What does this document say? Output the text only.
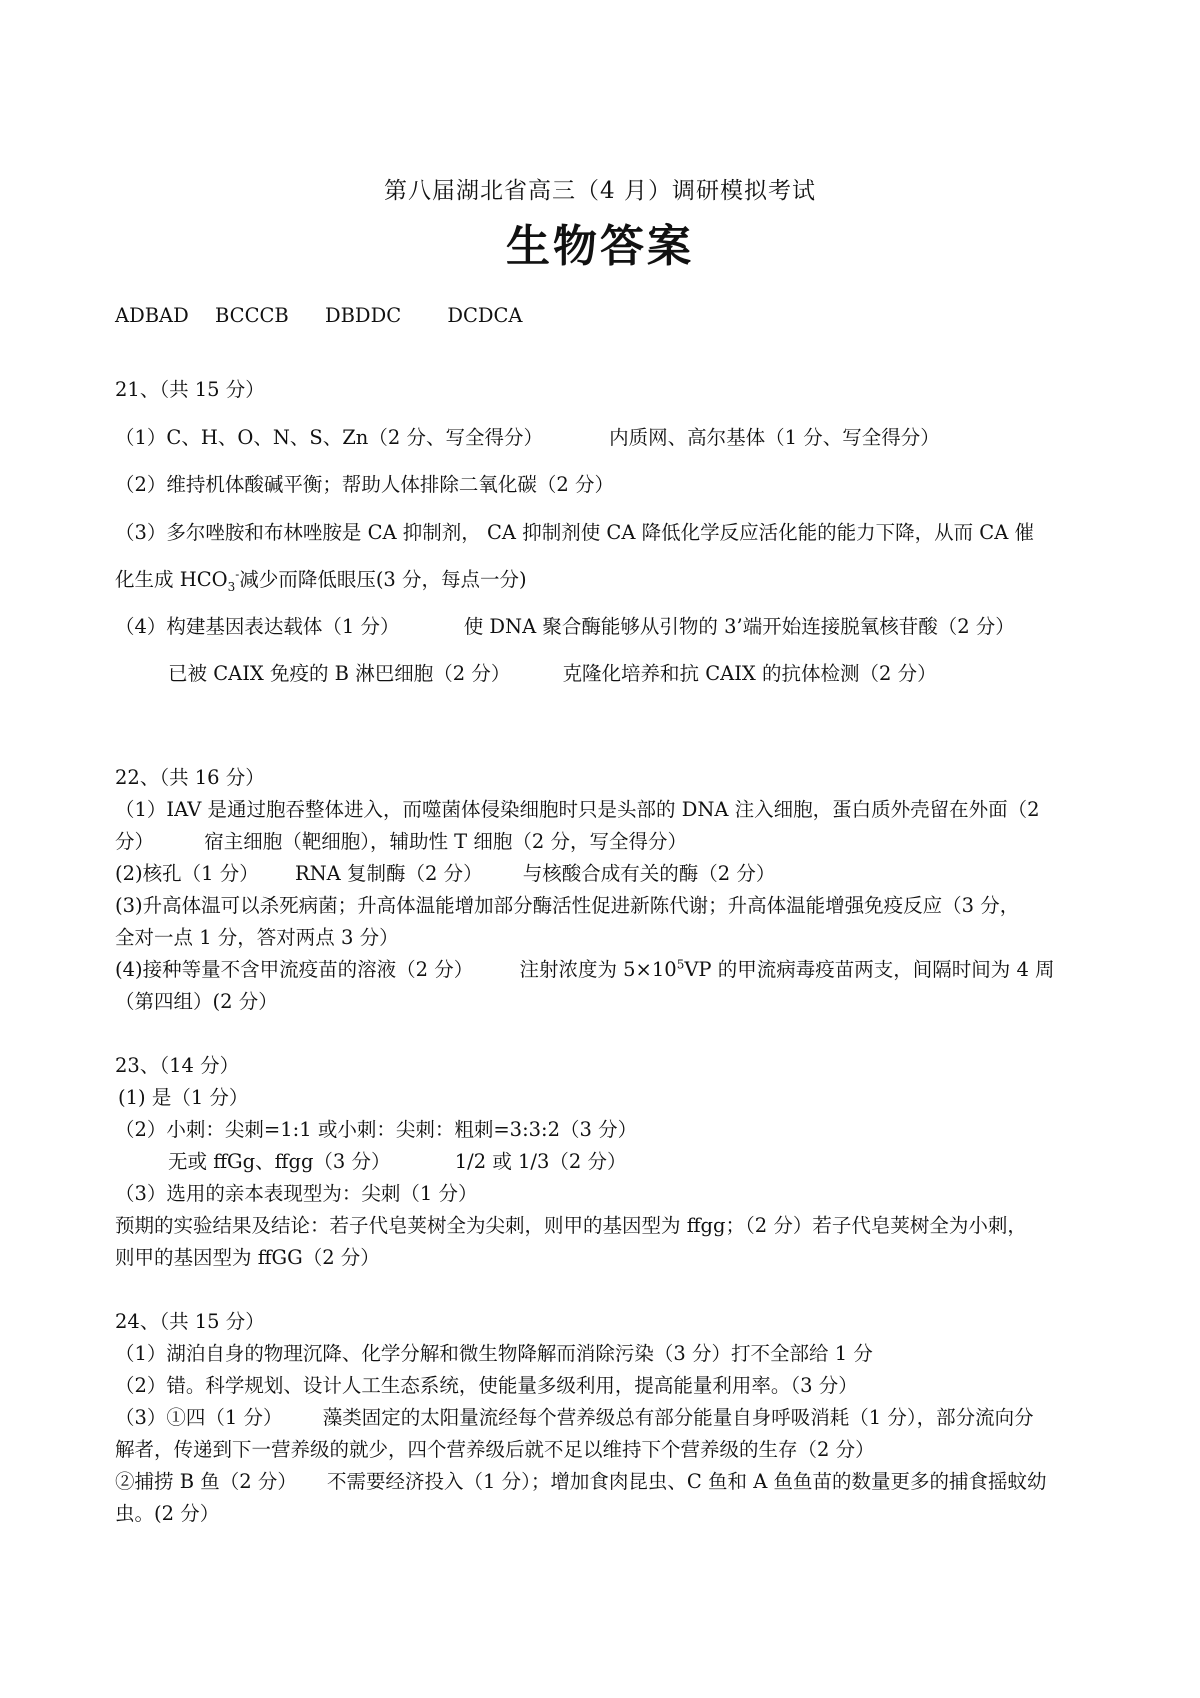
第八届湖北省高三（4 月）调研模拟考试
生物答案
ADBAD BCCCB DBDDC DCDCA
21、（共 15 分）
（1）C、H、O、N、S、Zn（2 分、写全得分）	内质网、高尔基体（1 分、写全得分）
（2）维持机体酸碱平衡；帮助人体排除二氧化碳（2 分）
（3）多尔唑胺和布林唑胺是 CA 抑制剂， CA 抑制剂使 CA 降低化学反应活化能的能力下降，从而 CA 催
化生成 $HCO_3^-$减少而降低眼压(3 分，每点一分)
（4）构建基因表达载体（1 分）	使 DNA 聚合酶能够从引物的 3’端开始连接脱氧核苷酸（2 分）
已被 CAIX 免疫的 B 淋巴细胞（2 分）	克隆化培养和抗 CAIX 的抗体检测（2 分）
22、（共 16 分）
（1）IAV 是通过胞吞整体进入，而噬菌体侵染细胞时只是头部的 DNA 注入细胞，蛋白质外壳留在外面（2
分）	宿主细胞（靶细胞），辅助性 T 细胞（2 分，写全得分）
(2)核孔（1 分） RNA 复制酶（2 分） 与核酸合成有关的酶（2 分）
(3)升高体温可以杀死病菌；升高体温能增加部分酶活性促进新陈代谢；升高体温能增强免疫反应（3 分，
全对一点 1 分，答对两点 3 分）
(4)接种等量不含甲流疫苗的溶液（2 分） 注射浓度为 $5\times 10^5VP$ 的甲流病毒疫苗两支，间隔时间为 4 周
（第四组）(2 分）
23、（14 分）
(1) 是（1 分）
（2）小刺：尖刺=1:1 或小刺：尖刺：粗刺=3:3:2（3 分）
无或 ffGg、ffgg（3 分）	1/2 或 1/3（2 分）
（3）选用的亲本表现型为：尖刺（1 分）
预期的实验结果及结论：若子代皂荚树全为尖刺，则甲的基因型为 ffgg；（2 分）若子代皂荚树全为小刺，
则甲的基因型为 ffGG（2 分）
24、（共 15 分）
（1）湖泊自身的物理沉降、化学分解和微生物降解而消除污染（3 分）打不全部给 1 分
（2）错。科学规划、设计人工生态系统，使能量多级利用，提高能量利用率。（3 分）
（3）①四（1 分） 藻类固定的太阳量流经每个营养级总有部分能量自身呼吸消耗（1 分），部分流向分
解者，传递到下一营养级的就少，四个营养级后就不足以维持下个营养级的生存（2 分）
②捕捞 B 鱼（2 分） 不需要经济投入（1 分）；增加食肉昆虫、C 鱼和 A 鱼鱼苗的数量更多的捕食摇蚊幼
虫。(2 分）
